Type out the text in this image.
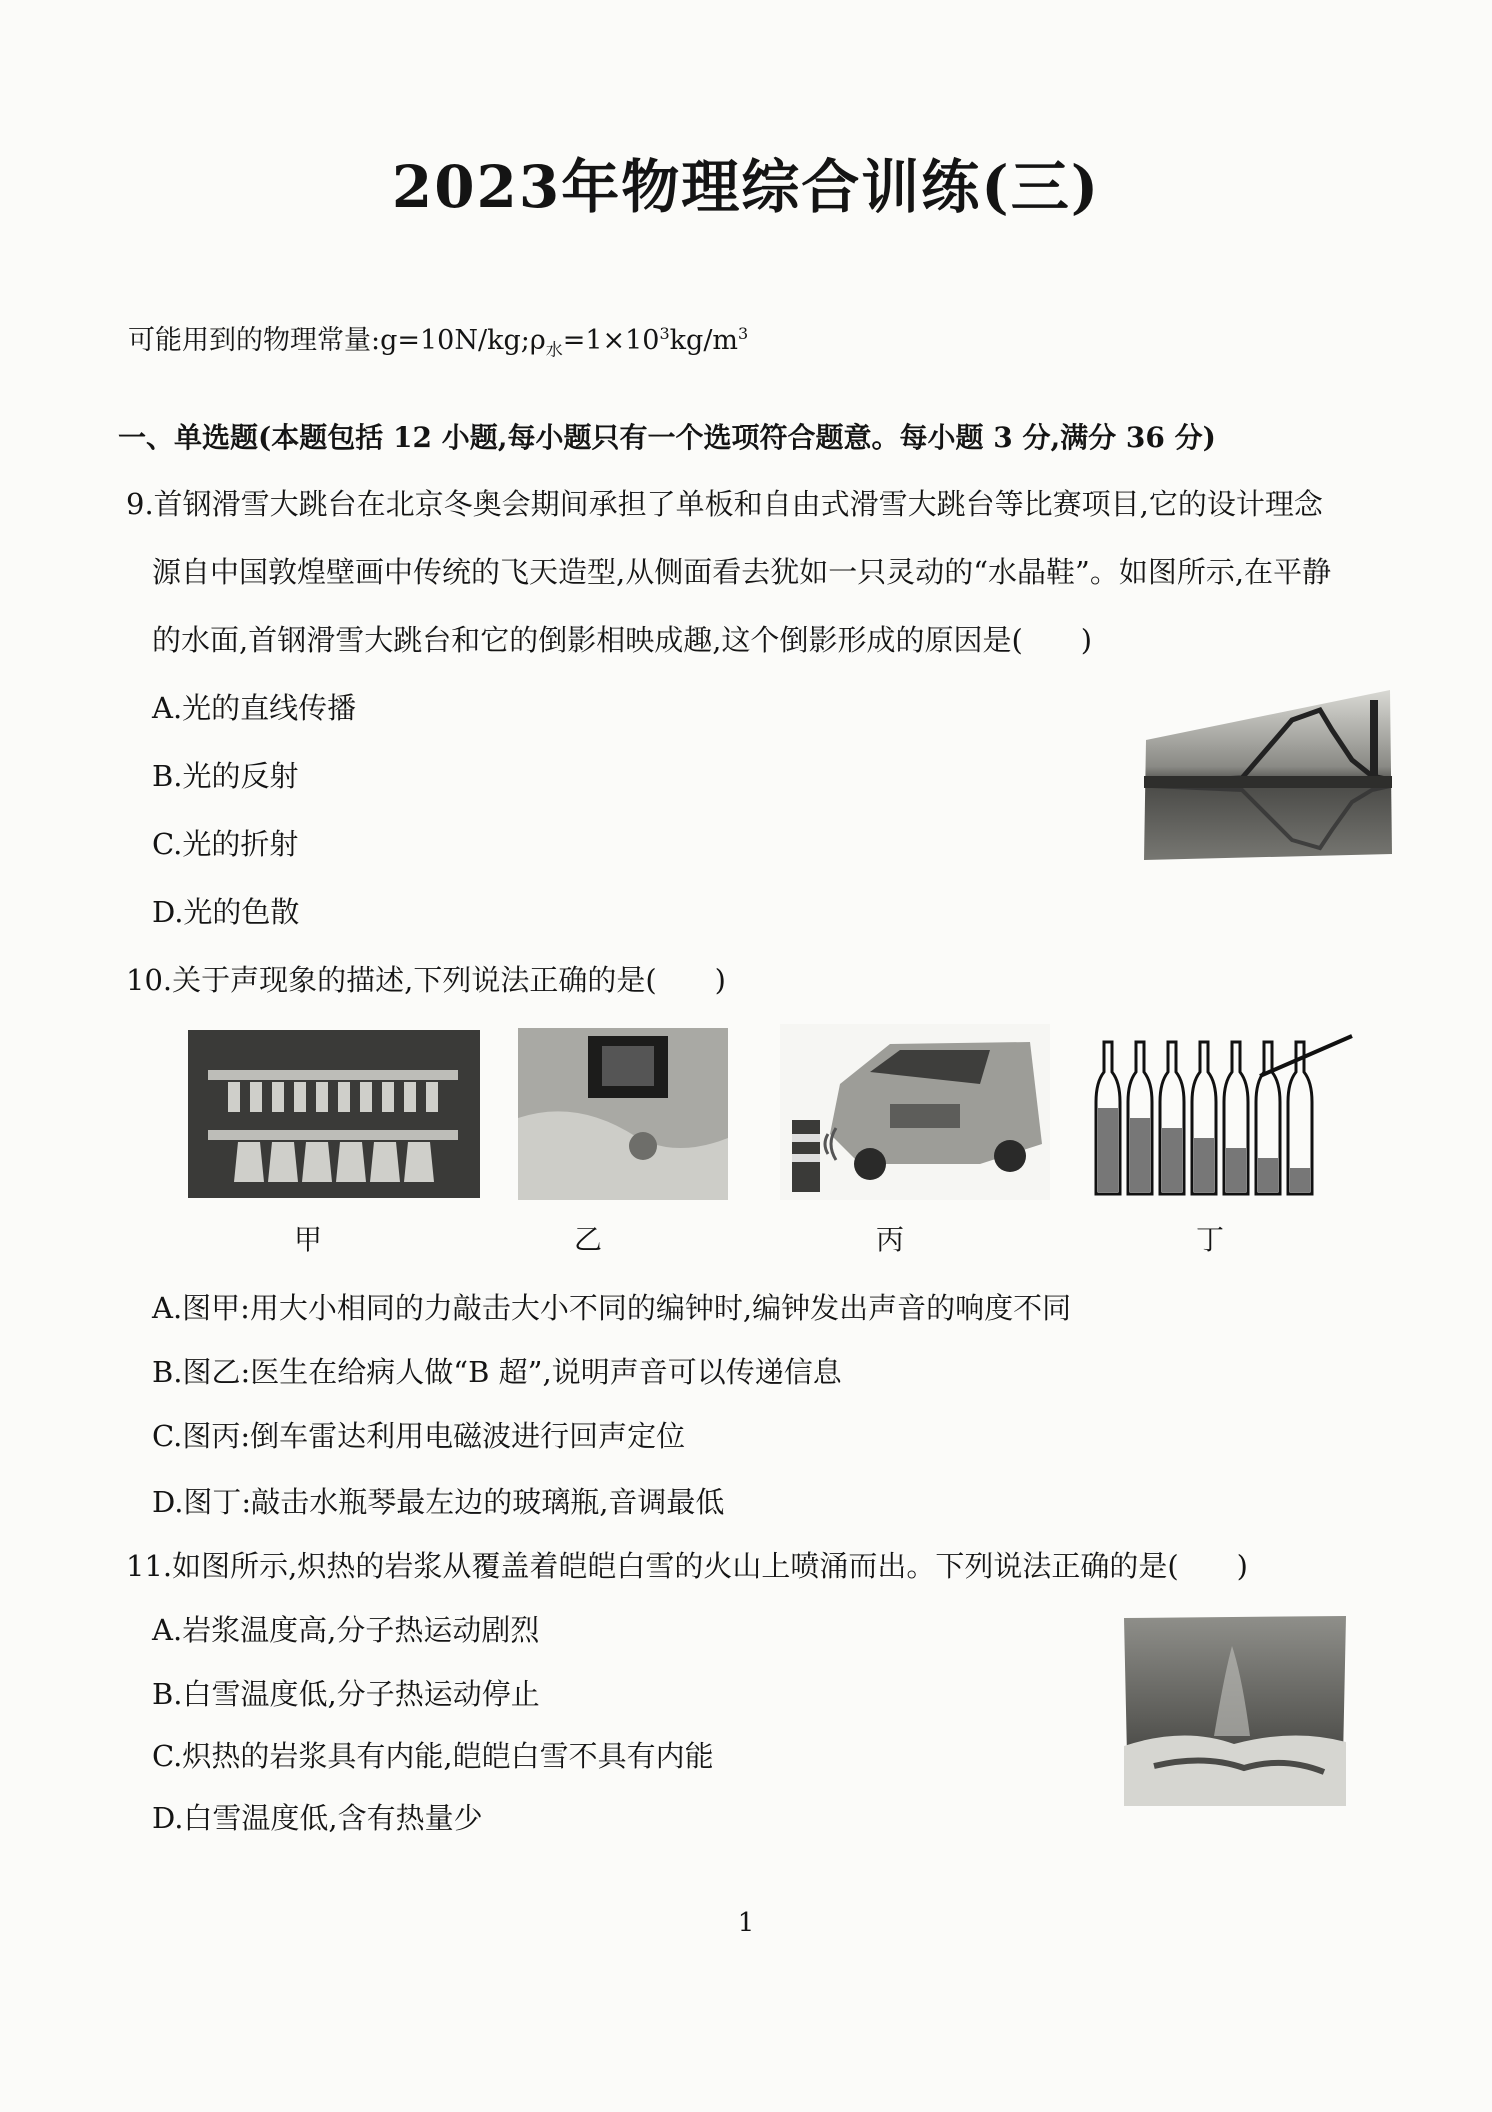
2023年物理综合训练(三)
可能用到的物理常量$:g=10N/kg;\rho_水=1\times 10^3kg/m^3$
一、单选题(本题包括 12 小题,每小题只有一个选项符合题意。每小题 3 分,满分 36 分)
9.首钢滑雪大跳台在北京冬奥会期间承担了单板和自由式滑雪大跳台等比赛项目,它的设计理念
源自中国敦煌壁画中传统的飞天造型,从侧面看去犹如一只灵动的“水晶鞋”。如图所示,在平静
的水面,首钢滑雪大跳台和它的倒影相映成趣,这个倒影形成的原因是(　　)
A.光的直线传播
B.光的反射
C.光的折射
D.光的色散
10.关于声现象的描述,下列说法正确的是(　　)
甲	乙	丙	丁
A.图甲:用大小相同的力敲击大小不同的编钟时,编钟发出声音的响度不同
B.图乙:医生在给病人做“B 超”,说明声音可以传递信息
C.图丙:倒车雷达利用电磁波进行回声定位
D.图丁:敲击水瓶琴最左边的玻璃瓶,音调最低
11.如图所示,炽热的岩浆从覆盖着皑皑白雪的火山上喷涌而出。下列说法正确的是(　　)
A.岩浆温度高,分子热运动剧烈
B.白雪温度低,分子热运动停止
C.炽热的岩浆具有内能,皑皑白雪不具有内能
D.白雪温度低,含有热量少
1
